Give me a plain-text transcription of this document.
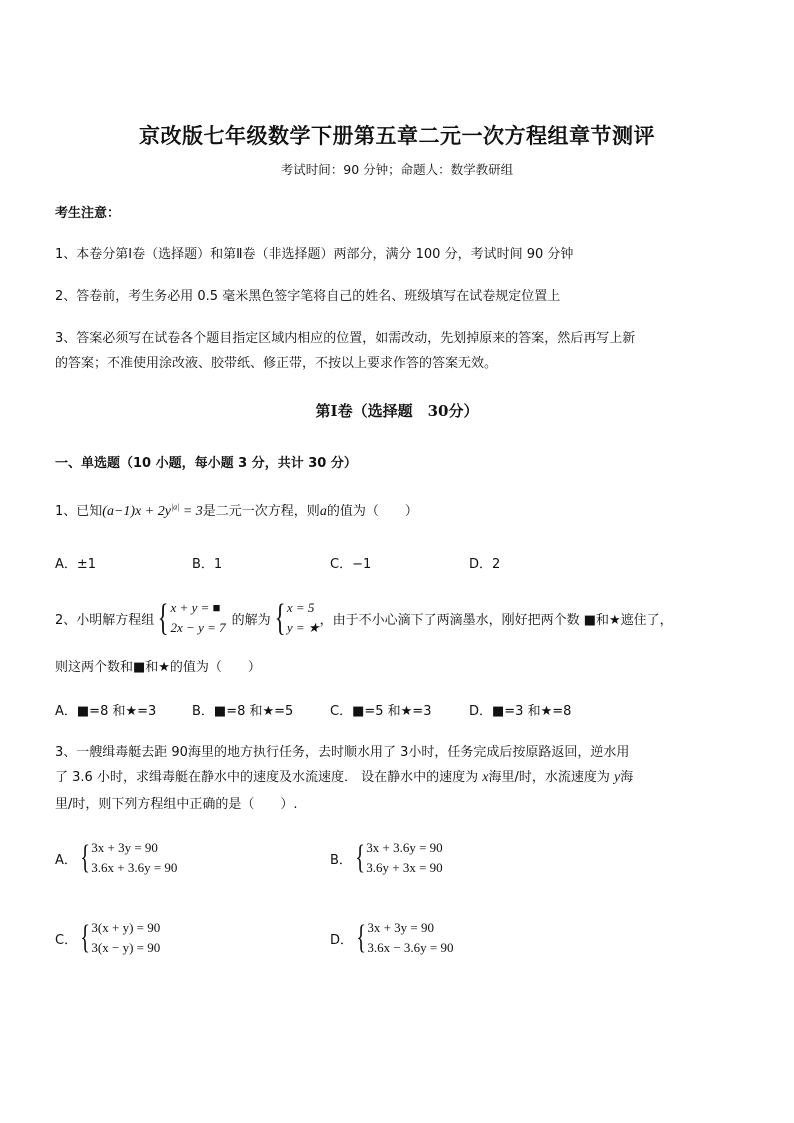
京改版七年级数学下册第五章二元一次方程组章节测评
考试时间：90 分钟；命题人：数学教研组
考生注意：
1、本卷分第Ⅰ卷（选择题）和第Ⅱ卷（非选择题）两部分，满分 100 分，考试时间 90 分钟
2、答卷前，考生务必用 0.5 毫米黑色签字笔将自己的姓名、班级填写在试卷规定位置上
3、答案必须写在试卷各个题目指定区域内相应的位置，如需改动，先划掉原来的答案，然后再写上新
的答案；不准使用涂改液、胶带纸、修正带，不按以上要求作答的答案无效。
第Ⅰ卷（选择题　30分）
一、单选题（10 小题，每小题 3 分，共计 30 分）
1、已知$(a-1)x + 2y^{|a|} = 3$是二元一次方程，则a的值为（　　）
A．±1	B．1	C．−1	D．2
2、小明解方程组 { x + y = ■
2x − y = 7 的解为 { x = 5
y = ★ ，由于不小心滴下了两滴墨水，刚好把两个数 ■和★遮住了，
则这两个数和■和★的值为（　　）
A．■=8 和★=3	B．■=8 和★=5	C．■=5 和★=3	D．■=3 和★=8
3、一艘缉毒艇去距 90海里的地方执行任务，去时顺水用了 3小时，任务完成后按原路返回，逆水用
了 3.6 小时，求缉毒艇在静水中的速度及水流速度． 设在静水中的速度为 x海里/时，水流速度为 y海
里/时，则下列方程组中正确的是（　　）.
A． { 3x + 3y = 90
3.6x + 3.6y = 90	B． { 3x + 3.6y = 90
3.6y + 3x = 90
C． { 3(x + y) = 90
3(x − y) = 90	D． { 3x + 3y = 90
3.6x − 3.6y = 90
